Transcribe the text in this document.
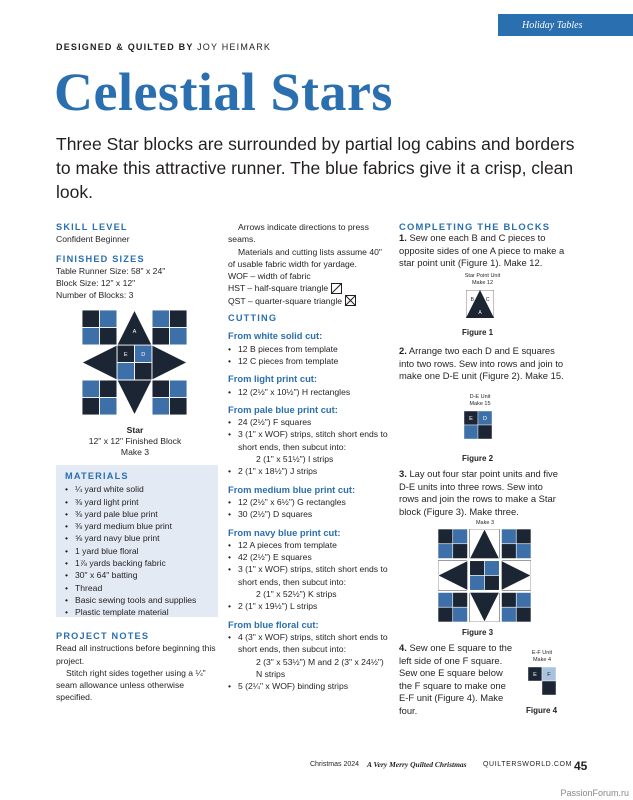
Holiday Tables
DESIGNED & QUILTED BY JOY HEIMARK
Celestial Stars
Three Star blocks are surrounded by partial log cabins and borders to make this attractive runner. The blue fabrics give it a crisp, clean look.
SKILL LEVEL
Confident Beginner
FINISHED SIZES
Table Runner Size: 58" x 24"
Block Size: 12" x 12"
Number of Blocks: 3
Star
12" x 12" Finished Block
Make 3
MATERIALS
• ¼ yard white solid
• ⅜ yard light print
• ⅜ yard pale blue print
• ⅜ yard medium blue print
• ⅝ yard navy blue print
• 1 yard blue floral
• 1⅞ yards backing fabric
• 30" x 64" batting
• Thread
• Basic sewing tools and supplies
• Plastic template material
PROJECT NOTES
Read all instructions before beginning this project.
Stitch right sides together using a ¼" seam allowance unless otherwise specified.
Arrows indicate directions to press seams.
Materials and cutting lists assume 40" of usable fabric width for yardage.
WOF – width of fabric
HST – half-square triangle
QST – quarter-square triangle
CUTTING
From white solid cut:
• 12 B pieces from template
• 12 C pieces from template
From light print cut:
• 12 (2½" x 10½") H rectangles
From pale blue print cut:
• 24 (2½") F squares
• 3 (1" x WOF) strips, stitch short ends to short ends, then subcut into:
2 (1" x 51½") I strips
• 2 (1" x 18½") J strips
From medium blue print cut:
• 12 (2½" x 6½") G rectangles
• 30 (2½") D squares
From navy blue print cut:
• 12 A pieces from template
• 42 (2½") E squares
• 3 (1" x WOF) strips, stitch short ends to short ends, then subcut into:
2 (1" x 52½") K strips
• 2 (1" x 19½") L strips
From blue floral cut:
• 4 (3" x WOF) strips, stitch short ends to short ends, then subcut into:
2 (3" x 53½") M and 2 (3" x 24½") N strips
• 5 (2¼" x WOF) binding strips
COMPLETING THE BLOCKS
1. Sew one each B and C pieces to opposite sides of one A piece to make a star point unit (Figure 1). Make 12.
Star Point Unit
Make 12
Figure 1
2. Arrange two each D and E squares into two rows. Sew into rows and join to make one D-E unit (Figure 2). Make 15.
D-E Unit
Make 15
Figure 2
3. Lay out four star point units and five D-E units into three rows. Sew into rows and join the rows to make a Star block (Figure 3). Make three.
Make 3
Figure 3
4. Sew one E square to the left side of one F square. Sew one E square below the F square to make one E-F unit (Figure 4). Make four.
E-F Unit
Make 4
Figure 4
Christmas 2024 A Very Merry Quilted Christmas QUILTERSWORLD.COM 45
PassionForum.ru
